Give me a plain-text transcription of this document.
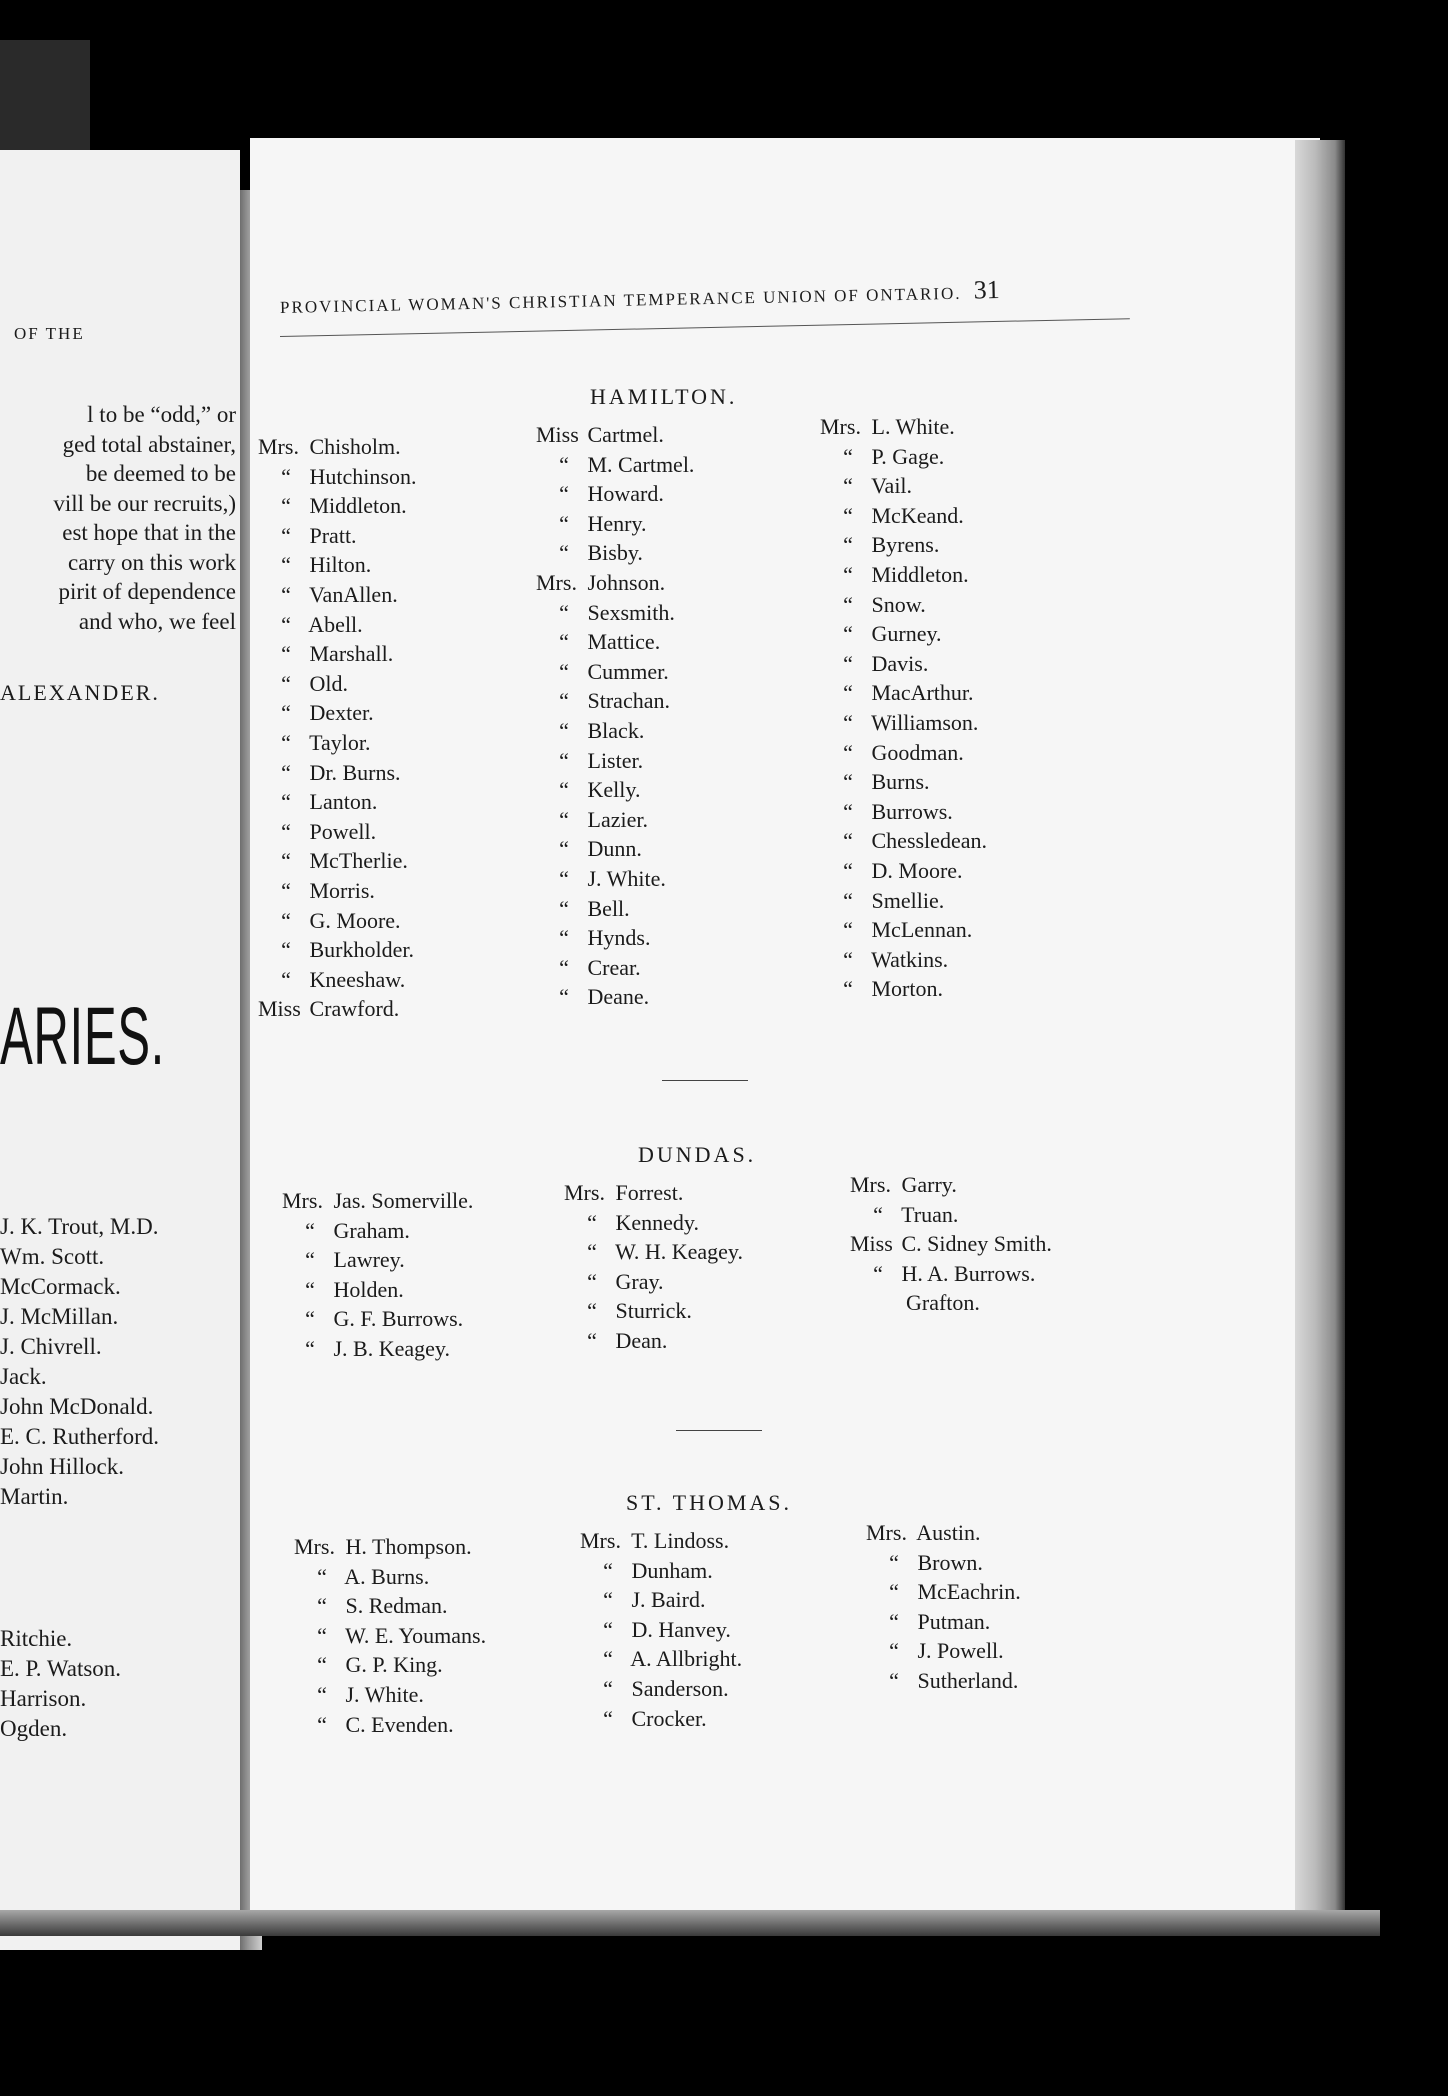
OF THE
l to be “odd,” or
ged total abstainer,
be deemed to be
vill be our recruits,)
est hope that in the
carry on this work
pirit of dependence
and who, we feel
ALEXANDER.
ARIES.
J. K. Trout, M.D.
Wm. Scott.
McCormack.
J. McMillan.
J. Chivrell.
Jack.
John McDonald.
E. C. Rutherford.
John Hillock.
Martin.
Ritchie.
E. P. Watson.
Harrison.
Ogden.
PROVINCIAL WOMAN'S CHRISTIAN TEMPERANCE UNION OF ONTARIO. 31
HAMILTON.
Mrs. Chisholm.
“ Hutchinson.
“ Middleton.
“ Pratt.
“ Hilton.
“ VanAllen.
“ Abell.
“ Marshall.
“ Old.
“ Dexter.
“ Taylor.
“ Dr. Burns.
“ Lanton.
“ Powell.
“ McTherlie.
“ Morris.
“ G. Moore.
“ Burkholder.
“ Kneeshaw.
Miss Crawford.
Miss Cartmel.
“ M. Cartmel.
“ Howard.
“ Henry.
“ Bisby.
Mrs. Johnson.
“ Sexsmith.
“ Mattice.
“ Cummer.
“ Strachan.
“ Black.
“ Lister.
“ Kelly.
“ Lazier.
“ Dunn.
“ J. White.
“ Bell.
“ Hynds.
“ Crear.
“ Deane.
Mrs. L. White.
“ P. Gage.
“ Vail.
“ McKeand.
“ Byrens.
“ Middleton.
“ Snow.
“ Gurney.
“ Davis.
“ MacArthur.
“ Williamson.
“ Goodman.
“ Burns.
“ Burrows.
“ Chessledean.
“ D. Moore.
“ Smellie.
“ McLennan.
“ Watkins.
“ Morton.
DUNDAS.
Mrs. Jas. Somerville.
“ Graham.
“ Lawrey.
“ Holden.
“ G. F. Burrows.
“ J. B. Keagey.
Mrs. Forrest.
“ Kennedy.
“ W. H. Keagey.
“ Gray.
“ Sturrick.
“ Dean.
Mrs. Garry.
“ Truan.
Miss C. Sidney Smith.
“ H. A. Burrows.
Grafton.
ST. THOMAS.
Mrs. H. Thompson.
“ A. Burns.
“ S. Redman.
“ W. E. Youmans.
“ G. P. King.
“ J. White.
“ C. Evenden.
Mrs. T. Lindoss.
“ Dunham.
“ J. Baird.
“ D. Hanvey.
“ A. Allbright.
“ Sanderson.
“ Crocker.
Mrs. Austin.
“ Brown.
“ McEachrin.
“ Putman.
“ J. Powell.
“ Sutherland.
